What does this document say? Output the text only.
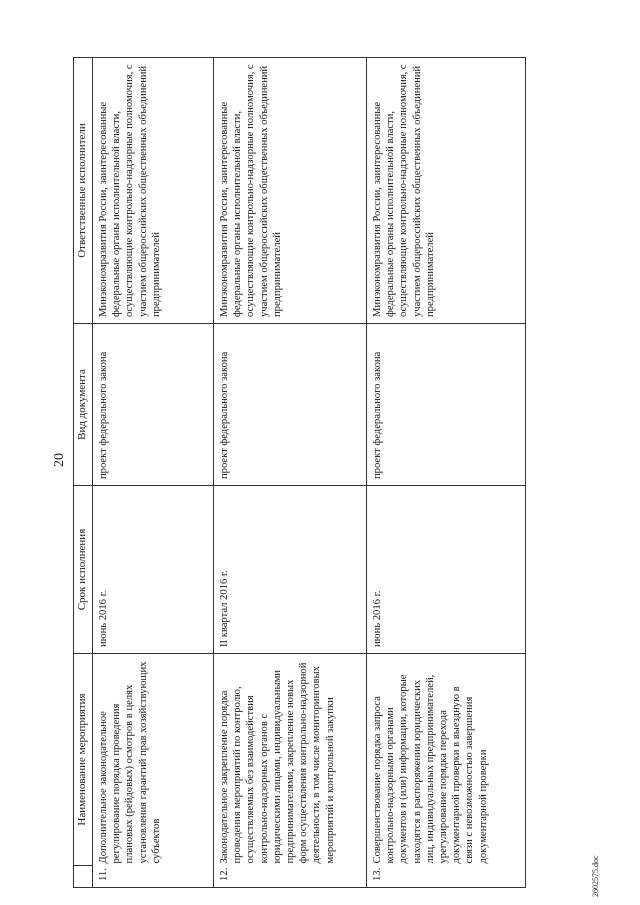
20
	Наименование мероприятия	Срок исполнения	Вид документа	Ответственные исполнители
11.	Дополнительное законодательное регулирование порядка проведения плановых (рейдовых) осмотров в целях установления гарантий прав хозяйствующих субъектов	июнь 2016 г.	проект федерального закона	Минэкономразвития России, заинтересованные федеральные органы исполнительной власти, осуществляющие контрольно-надзорные полномочия, с участием общероссийских общественных объединений предпринимателей
12.	Законодательное закрепление порядка проведения мероприятий по контролю, осуществляемых без взаимодействия контрольно-надзорных органов с юридическими лицами, индивидуальными предпринимателями, закрепление новых форм осуществления контрольно-надзорной деятельности, в том числе мониторинговых мероприятий и контрольной закупки	II квартал 2016 г.	проект федерального закона	Минэкономразвития России, заинтересованные федеральные органы исполнительной власти, осуществляющие контрольно-надзорные полномочия, с участием общероссийских общественных объединений предпринимателей
13.	Совершенствование порядка запроса контрольно-надзорными органами документов и (или) информации, которые находятся в распоряжении юридических лиц, индивидуальных предпринимателей, урегулирование порядка перехода документарной проверки в выездную в связи с невозможностью завершения документарной проверки	июнь 2016 г.	проект федерального закона	Минэкономразвития России, заинтересованные федеральные органы исполнительной власти, осуществляющие контрольно-надзорные полномочия, с участием общероссийских общественных объединений предпринимателей
2602575.doc
